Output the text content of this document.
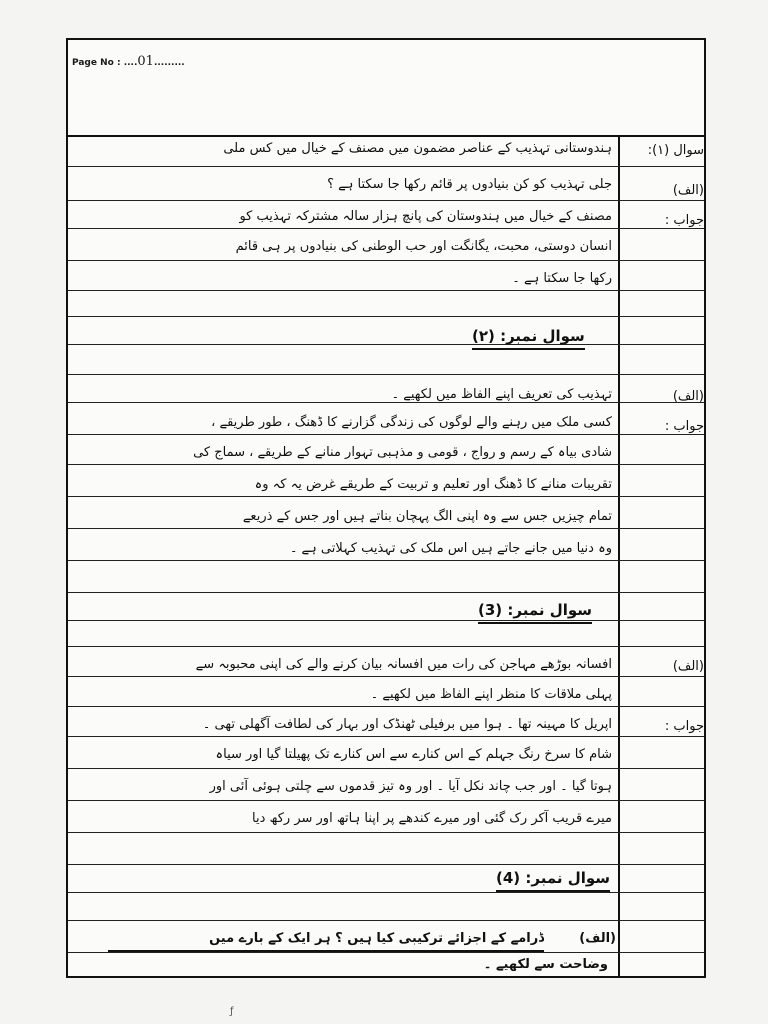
Page No : ....01.........
سوال (۱):
(الف)
جواب :
ہندوستانی تہذیب کے عناصر مضمون میں مصنف کے خیال میں کس ملی
جلی تہذیب کو کن بنیادوں پر قائم رکھا جا سکتا ہے ؟
مصنف کے خیال میں ہندوستان کی پانچ ہزار سالہ مشترکہ تہذیب کو
انسان دوستی، محبت، یگانگت اور حب الوطنی کی بنیادوں پر ہی قائم
رکھا جا سکتا ہے ۔
سوال نمبر: (۲)
(الف)
جواب :
تہذیب کی تعریف اپنے الفاظ میں لکھیے ۔
کسی ملک میں رہنے والے لوگوں کی زندگی گزارنے کا ڈھنگ ، طور طریقے ،
شادی بیاہ کے رسم و رواج ، قومی و مذہبی تہوار منانے کے طریقے ، سماج کی
تقریبات منانے کا ڈھنگ اور تعلیم و تربیت کے طریقے غرض یہ کہ وہ
تمام چیزیں جس سے وہ اپنی الگ پہچان بناتے ہیں اور جس کے ذریعے
وہ دنیا میں جانے جاتے ہیں اس ملک کی تہذیب کہلاتی ہے ۔
سوال نمبر: (3)
(الف)
جواب :
افسانہ بوڑھے مہاجن کی رات میں افسانہ بیان کرنے والے کی اپنی محبوبہ سے
پہلی ملاقات کا منظر اپنے الفاظ میں لکھیے ۔
اپریل کا مہینہ تھا ۔ ہوا میں برفیلی ٹھنڈک اور بہار کی لطافت آگھلی تھی ۔
شام کا سرخ رنگ جہلم کے اس کنارے سے اس کنارے تک پھیلتا گیا اور سیاہ
ہوتا گیا ۔ اور جب چاند نکل آیا ۔ اور وہ تیز قدموں سے چلتی ہوئی آئی اور
میرے قریب آکر رک گئی اور میرے کندھے پر اپنا ہاتھ اور سر رکھ دیا
سوال نمبر: (4)
(الف)
ڈرامے کے اجزائے ترکیبی کیا ہیں ؟ ہر ایک کے بارے میں
وضاحت سے لکھیے ۔
ƒ
